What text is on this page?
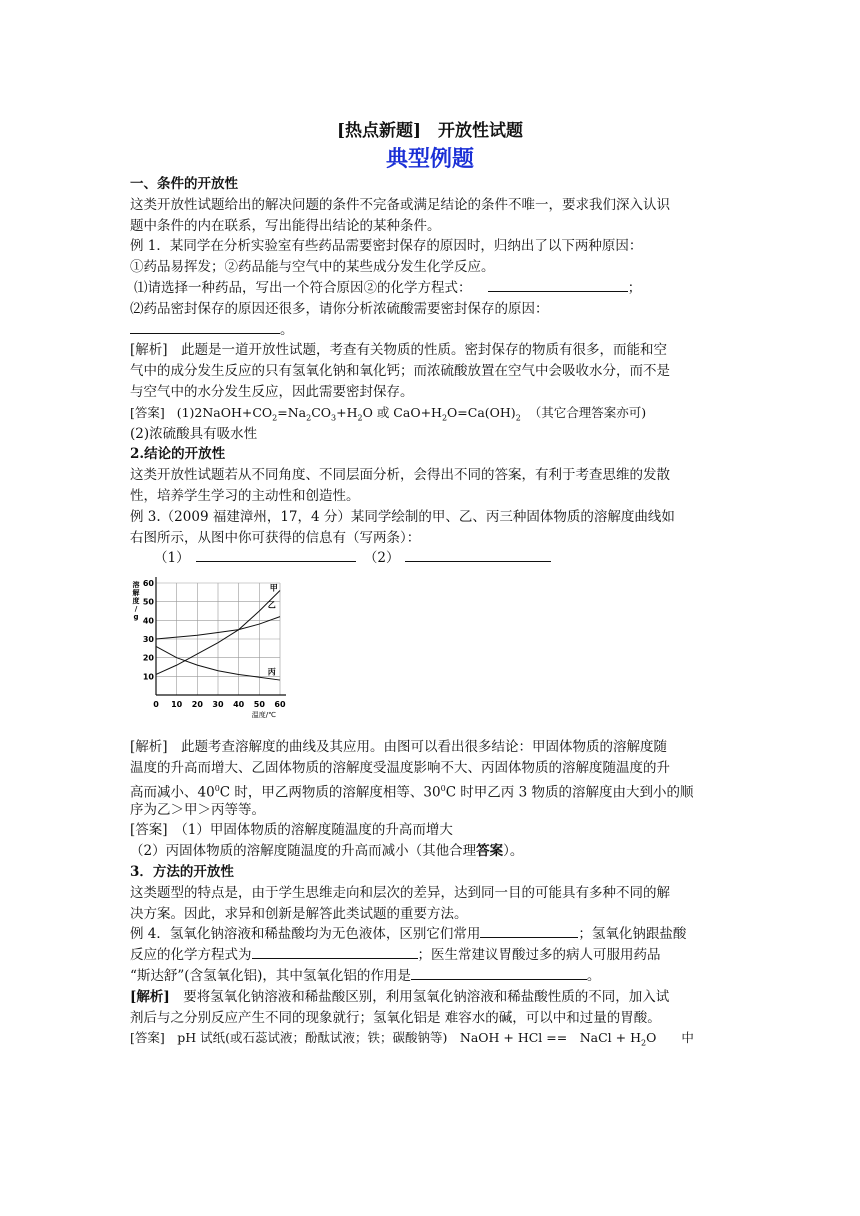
[热点新题]　开放性试题
典型例题
一、条件的开放性
这类开放性试题给出的解决问题的条件不完备或满足结论的条件不唯一，要求我们深入认识
题中条件的内在联系，写出能得出结论的某种条件。
例 1．某同学在分析实验室有些药品需要密封保存的原因时，归纳出了以下两种原因：
①药品易挥发；②药品能与空气中的某些成分发生化学反应。
⑴请选择一种药品，写出一个符合原因②的化学方程式：	；
⑵药品密封保存的原因还很多，请你分析浓硫酸需要密封保存的原因：
。
[解析]　此题是一道开放性试题，考查有关物质的性质。密封保存的物质有很多，而能和空
气中的成分发生反应的只有氢氧化钠和氧化钙；而浓硫酸放置在空气中会吸收水分，而不是
与空气中的水分发生反应，因此需要密封保存。
[答案] $(1)2NaOH+CO_2=Na_2CO_3+H_2O$ 或 $CaO+H_2O=Ca(OH)_2$ （其它合理答案亦可)
(2)浓硫酸具有吸水性
2.结论的开放性
这类开放性试题若从不同角度、不同层面分析，会得出不同的答案，有利于考查思维的发散
性，培养学生学习的主动性和创造性。
例 3.（2009 福建漳州，17，4 分）某同学绘制的甲、乙、丙三种固体物质的溶解度曲线如
右图所示，从图中你可获得的信息有（写两条）：
（1）	（2）
0 10 20 30 40 50 60
10
20
30
40
50
60
温度/℃
溶
解
度
/
g
甲
乙
丙
[解析]　此题考查溶解度的曲线及其应用。由图可以看出很多结论：甲固体物质的溶解度随
温度的升高而增大、乙固体物质的溶解度受温度影响不大、丙固体物质的溶解度随温度的升
高而减小、$40^0C$ 时，甲乙两物质的溶解度相等、$30^0C$ 时甲乙丙 3 物质的溶解度由大到小的顺
序为乙＞甲＞丙等等。
[答案]　（1）甲固体物质的溶解度随温度的升高而增大
（2）丙固体物质的溶解度随温度的升高而减小（其他合理答案）。
3．方法的开放性
这类题型的特点是，由于学生思维走向和层次的差异，达到同一目的可能具有多种不同的解
决方案。因此，求异和创新是解答此类试题的重要方法。
例 4．氢氧化钠溶液和稀盐酸均为无色液体，区别它们常用	；氢氧化钠跟盐酸
反应的化学方程式为	；医生常建议胃酸过多的病人可服用药品
“斯达舒”(含氢氧化铝)，其中氢氧化铝的作用是	。
[解析]　要将氢氧化钠溶液和稀盐酸区别，利用氢氧化钠溶液和稀盐酸性质的不同，加入试
剂后与之分别反应产生不同的现象就行；氢氧化铝是 难容水的碱，可以中和过量的胃酸。
[答案]　pH 试纸(或石蕊试液；酚酞试液；铁；碳酸钠等)　NaOH + HCl ==　NaCl + $H_2O$　　中
